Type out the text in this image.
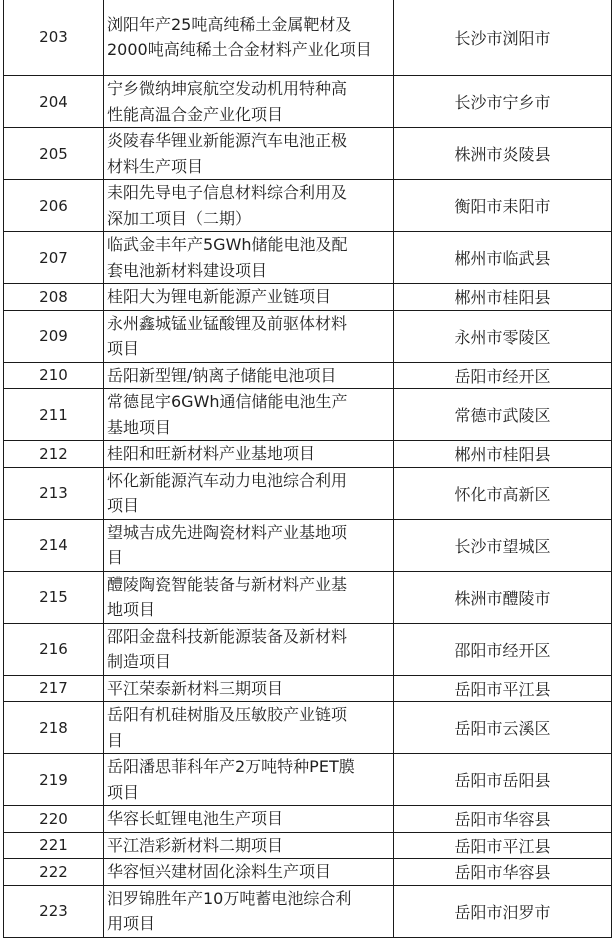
203	浏阳年产25吨高纯稀土金属靶材及
2000吨高纯稀土合金材料产业化项目	长沙市浏阳市
204	宁乡微纳坤宸航空发动机用特种高
性能高温合金产业化项目	长沙市宁乡市
205	炎陵春华锂业新能源汽车电池正极
材料生产项目	株洲市炎陵县
206	耒阳先导电子信息材料综合利用及
深加工项目（二期）	衡阳市耒阳市
207	临武金丰年产5GWh储能电池及配
套电池新材料建设项目	郴州市临武县
208	桂阳大为锂电新能源产业链项目	郴州市桂阳县
209	永州鑫城锰业锰酸锂及前驱体材料
项目	永州市零陵区
210	岳阳新型锂/钠离子储能电池项目	岳阳市经开区
211	常德昆宇6GWh通信储能电池生产
基地项目	常德市武陵区
212	桂阳和旺新材料产业基地项目	郴州市桂阳县
213	怀化新能源汽车动力电池综合利用
项目	怀化市高新区
214	望城吉成先进陶瓷材料产业基地项
目	长沙市望城区
215	醴陵陶瓷智能装备与新材料产业基
地项目	株洲市醴陵市
216	邵阳金盘科技新能源装备及新材料
制造项目	邵阳市经开区
217	平江荣泰新材料三期项目	岳阳市平江县
218	岳阳有机硅树脂及压敏胶产业链项
目	岳阳市云溪区
219	岳阳潘思菲科年产2万吨特种PET膜
项目	岳阳市岳阳县
220	华容长虹锂电池生产项目	岳阳市华容县
221	平江浩彩新材料二期项目	岳阳市平江县
222	华容恒兴建材固化涂料生产项目	岳阳市华容县
223	汨罗锦胜年产10万吨蓄电池综合利
用项目	岳阳市汨罗市
